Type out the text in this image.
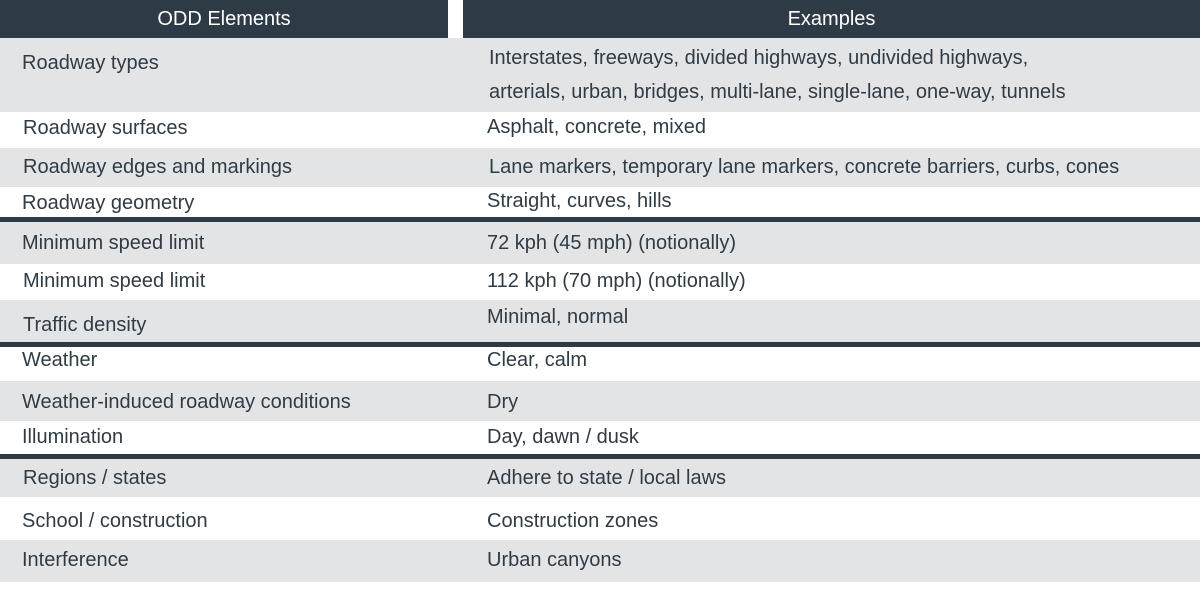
ODD Elements	Examples
Roadway types	Interstates, freeways, divided highways, undivided highways,
arterials, urban, bridges, multi-lane, single-lane, one-way, tunnels
Roadway surfaces	Asphalt, concrete, mixed
Roadway edges and markings	Lane markers, temporary lane markers, concrete barriers, curbs, cones
Roadway geometry	Straight, curves, hills
Minimum speed limit	72 kph (45 mph) (notionally)
Minimum speed limit	112 kph (70 mph) (notionally)
Traffic density	Minimal, normal
Weather	Clear, calm
Weather-induced roadway conditions	Dry
Illumination	Day, dawn / dusk
Regions / states	Adhere to state / local laws
School / construction	Construction zones
Interference	Urban canyons
